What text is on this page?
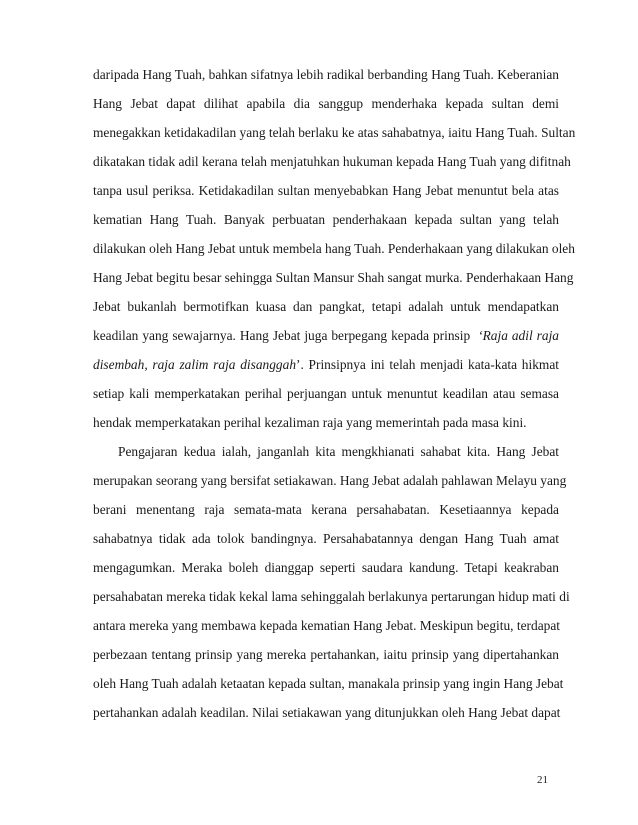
daripada Hang Tuah, bahkan sifatnya lebih radikal berbanding Hang Tuah. Keberanian
Hang Jebat dapat dilihat apabila dia sanggup menderhaka kepada sultan demi
menegakkan ketidakadilan yang telah berlaku ke atas sahabatnya, iaitu Hang Tuah. Sultan
dikatakan tidak adil kerana telah menjatuhkan hukuman kepada Hang Tuah yang difitnah
tanpa usul periksa. Ketidakadilan sultan menyebabkan Hang Jebat menuntut bela atas
kematian Hang Tuah. Banyak perbuatan penderhakaan kepada sultan yang telah
dilakukan oleh Hang Jebat untuk membela hang Tuah. Penderhakaan yang dilakukan oleh
Hang Jebat begitu besar sehingga Sultan Mansur Shah sangat murka. Penderhakaan Hang
Jebat bukanlah bermotifkan kuasa dan pangkat, tetapi adalah untuk mendapatkan
keadilan yang sewajarnya. Hang Jebat juga berpegang kepada prinsip ‘Raja adil raja
disembah, raja zalim raja disanggah’. Prinsipnya ini telah menjadi kata-kata hikmat
setiap kali memperkatakan perihal perjuangan untuk menuntut keadilan atau semasa
hendak memperkatakan perihal kezaliman raja yang memerintah pada masa kini.
Pengajaran kedua ialah, janganlah kita mengkhianati sahabat kita. Hang Jebat
merupakan seorang yang bersifat setiakawan. Hang Jebat adalah pahlawan Melayu yang
berani menentang raja semata-mata kerana persahabatan. Kesetiaannya kepada
sahabatnya tidak ada tolok bandingnya. Persahabatannya dengan Hang Tuah amat
mengagumkan. Meraka boleh dianggap seperti saudara kandung. Tetapi keakraban
persahabatan mereka tidak kekal lama sehinggalah berlakunya pertarungan hidup mati di
antara mereka yang membawa kepada kematian Hang Jebat. Meskipun begitu, terdapat
perbezaan tentang prinsip yang mereka pertahankan, iaitu prinsip yang dipertahankan
oleh Hang Tuah adalah ketaatan kepada sultan, manakala prinsip yang ingin Hang Jebat
pertahankan adalah keadilan. Nilai setiakawan yang ditunjukkan oleh Hang Jebat dapat
21
